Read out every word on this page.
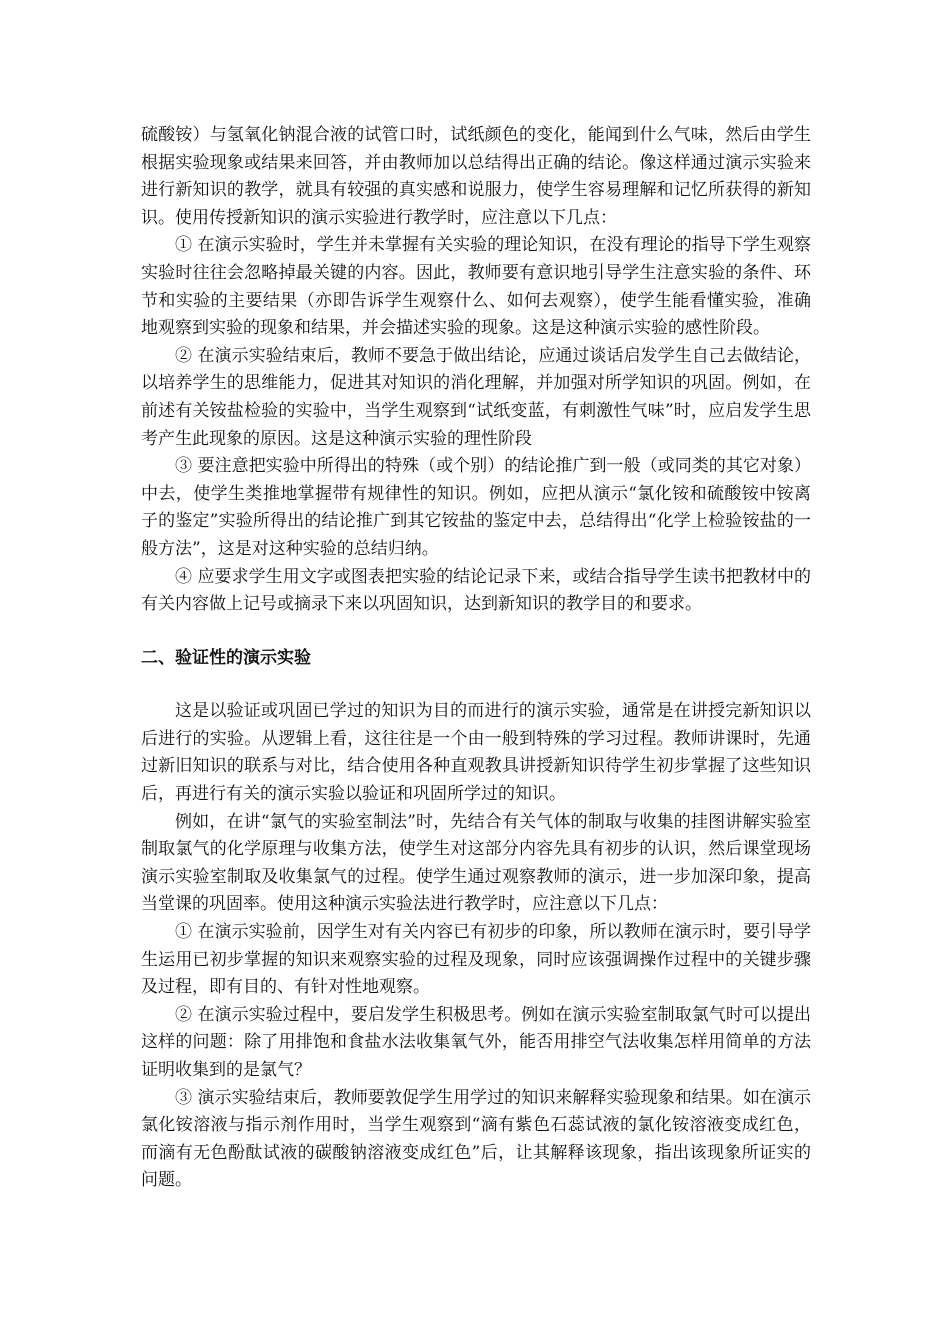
硫酸铵）与氢氧化钠混合液的试管口时，试纸颜色的变化，能闻到什么气味，然后由学生根据实验现象或结果来回答，并由教师加以总结得出正确的结论。像这样通过演示实验来进行新知识的教学，就具有较强的真实感和说服力，使学生容易理解和记忆所获得的新知识。使用传授新知识的演示实验进行教学时，应注意以下几点：

① 在演示实验时，学生并未掌握有关实验的理论知识，在没有理论的指导下学生观察实验时往往会忽略掉最关键的内容。因此，教师要有意识地引导学生注意实验的条件、环节和实验的主要结果（亦即告诉学生观察什么、如何去观察），使学生能看懂实验，准确地观察到实验的现象和结果，并会描述实验的现象。这是这种演示实验的感性阶段。

② 在演示实验结束后，教师不要急于做出结论，应通过谈话启发学生自己去做结论，以培养学生的思维能力，促进其对知识的消化理解，并加强对所学知识的巩固。例如，在前述有关铵盐检验的实验中，当学生观察到“试纸变蓝，有刺激性气味”时，应启发学生思考产生此现象的原因。这是这种演示实验的理性阶段

③ 要注意把实验中所得出的特殊（或个别）的结论推广到一般（或同类的其它对象）中去，使学生类推地掌握带有规律性的知识。例如，应把从演示“氯化铵和硫酸铵中铵离子的鉴定”实验所得出的结论推广到其它铵盐的鉴定中去，总结得出“化学上检验铵盐的一般方法”，这是对这种实验的总结归纳。

④ 应要求学生用文字或图表把实验的结论记录下来，或结合指导学生读书把教材中的有关内容做上记号或摘录下来以巩固知识，达到新知识的教学目的和要求。

二、验证性的演示实验

这是以验证或巩固已学过的知识为目的而进行的演示实验，通常是在讲授完新知识以后进行的实验。从逻辑上看，这往往是一个由一般到特殊的学习过程。教师讲课时，先通过新旧知识的联系与对比，结合使用各种直观教具讲授新知识待学生初步掌握了这些知识后，再进行有关的演示实验以验证和巩固所学过的知识。

例如，在讲“氯气的实验室制法”时，先结合有关气体的制取与收集的挂图讲解实验室制取氯气的化学原理与收集方法，使学生对这部分内容先具有初步的认识，然后课堂现场演示实验室制取及收集氯气的过程。使学生通过观察教师的演示，进一步加深印象，提高当堂课的巩固率。使用这种演示实验法进行教学时，应注意以下几点：

① 在演示实验前，因学生对有关内容已有初步的印象，所以教师在演示时，要引导学生运用已初步掌握的知识来观察实验的过程及现象，同时应该强调操作过程中的关键步骤及过程，即有目的、有针对性地观察。

② 在演示实验过程中，要启发学生积极思考。例如在演示实验室制取氯气时可以提出这样的问题：除了用排饱和食盐水法收集氧气外，能否用排空气法收集怎样用简单的方法证明收集到的是氯气？

③ 演示实验结束后，教师要敦促学生用学过的知识来解释实验现象和结果。如在演示氯化铵溶液与指示剂作用时，当学生观察到“滴有紫色石蕊试液的氯化铵溶液变成红色，而滴有无色酚酞试液的碳酸钠溶液变成红色”后，让其解释该现象，指出该现象所证实的问题。
